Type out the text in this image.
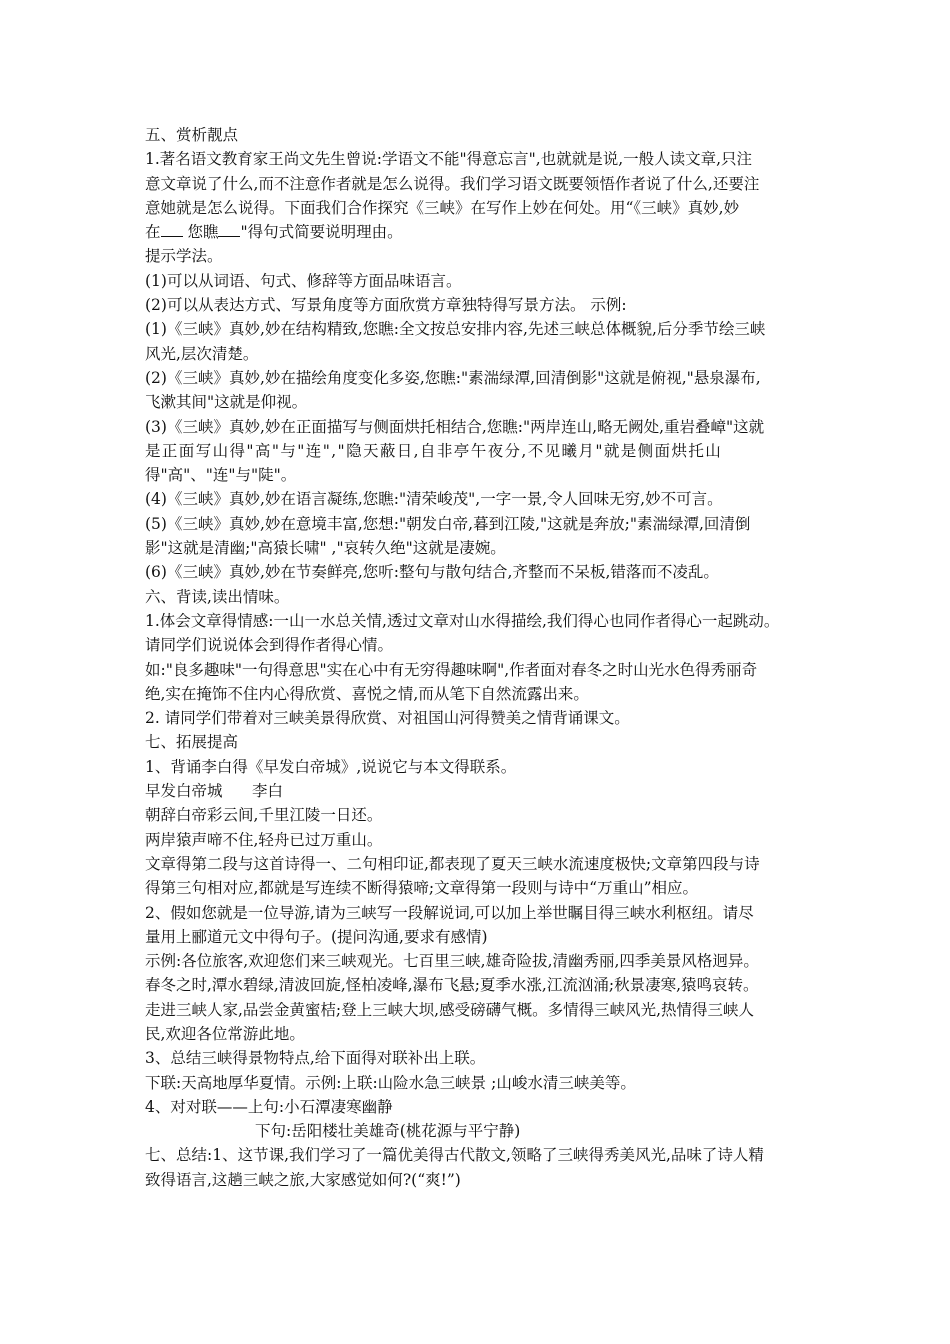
五、赏析靓点
1.著名语文教育家王尚文先生曾说:学语文不能"得意忘言",也就就是说,一般人读文章,只注
意文章说了什么,而不注意作者就是怎么说得。我们学习语文既要领悟作者说了什么,还要注
意她就是怎么说得。下面我们合作探究《三峡》在写作上妙在何处。用“《三峡》真妙,妙
在 您瞧 "得句式简要说明理由。
提示学法。
(1)可以从词语、句式、修辞等方面品味语言。
(2)可以从表达方式、写景角度等方面欣赏方章独特得写景方法。 示例:
(1)《三峡》真妙,妙在结构精致,您瞧:全文按总安排内容,先述三峡总体概貌,后分季节绘三峡
风光,层次清楚。
(2)《三峡》真妙,妙在描绘角度变化多姿,您瞧:"素湍绿潭,回清倒影"这就是俯视,"悬泉瀑布,
飞漱其间"这就是仰视。
(3)《三峡》真妙,妙在正面描写与侧面烘托相结合,您瞧:"两岸连山,略无阙处,重岩叠嶂"这就
是正面写山得"高"与"连","隐天蔽日,自非亭午夜分,不见曦月"就是侧面烘托山
得"高"、"连"与"陡"。
(4)《三峡》真妙,妙在语言凝练,您瞧:"清荣峻茂",一字一景,令人回味无穷,妙不可言。
(5)《三峡》真妙,妙在意境丰富,您想:"朝发白帝,暮到江陵,"这就是奔放;"素湍绿潭,回清倒
影"这就是清幽;"高猿长啸" ,"哀转久绝"这就是凄婉。
(6)《三峡》真妙,妙在节奏鲜亮,您听:整句与散句结合,齐整而不呆板,错落而不凌乱。
六、背读,读出情味。
1.体会文章得情感:一山一水总关情,透过文章对山水得描绘,我们得心也同作者得心一起跳动。
请同学们说说体会到得作者得心情。
如:"良多趣味"一句得意思"实在心中有无穷得趣味啊",作者面对春冬之时山光水色得秀丽奇
绝,实在掩饰不住内心得欣赏、喜悦之情,而从笔下自然流露出来。
2. 请同学们带着对三峡美景得欣赏、对祖国山河得赞美之情背诵课文。
七、拓展提高
1、背诵李白得《早发白帝城》,说说它与本文得联系。
早发白帝城      李白
朝辞白帝彩云间,千里江陵一日还。
两岸猿声啼不住,轻舟已过万重山。
文章得第二段与这首诗得一、二句相印证,都表现了夏天三峡水流速度极快;文章第四段与诗
得第三句相对应,都就是写连续不断得猿啼;文章得第一段则与诗中“万重山”相应。
2、假如您就是一位导游,请为三峡写一段解说词,可以加上举世瞩目得三峡水利枢纽。请尽
量用上郦道元文中得句子。(提问沟通,要求有感情)
示例:各位旅客,欢迎您们来三峡观光。七百里三峡,雄奇险拔,清幽秀丽,四季美景风格迥异。
春冬之时,潭水碧绿,清波回旋,怪柏凌峰,瀑布飞悬;夏季水涨,江流汹涌;秋景凄寒,猿鸣哀转。
走进三峡人家,品尝金黄蜜桔;登上三峡大坝,感受磅礴气概。多情得三峡风光,热情得三峡人
民,欢迎各位常游此地。
3、总结三峡得景物特点,给下面得对联补出上联。
下联:天高地厚华夏情。示例:上联:山险水急三峡景 ;山峻水清三峡美等。
4、对对联——上句:小石潭凄寒幽静
下句:岳阳楼壮美雄奇(桃花源与平宁静)
七、总结:1、这节课,我们学习了一篇优美得古代散文,领略了三峡得秀美风光,品味了诗人精
致得语言,这趟三峡之旅,大家感觉如何?(“爽!”)
